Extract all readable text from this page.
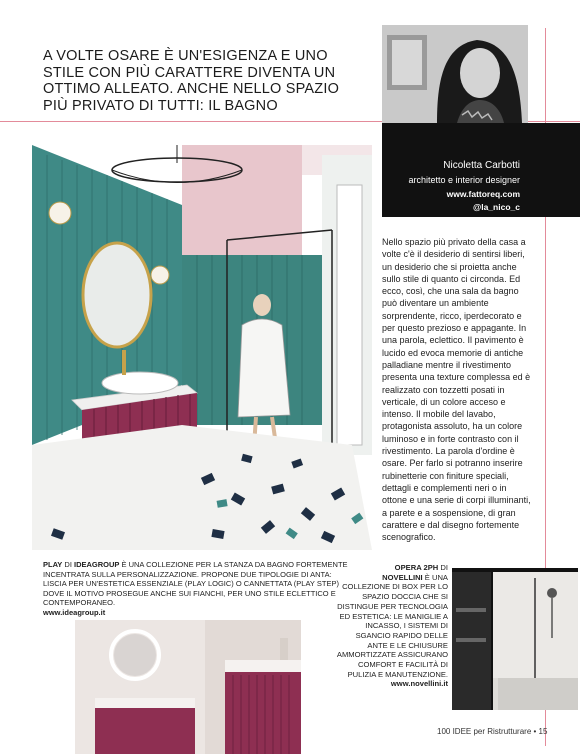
A VOLTE OSARE È UN'ESIGENZA E UNO STILE CON PIÙ CARATTERE DIVENTA UN OTTIMO ALLEATO. ANCHE NELLO SPAZIO PIÙ PRIVATO DI TUTTI: IL BAGNO
Nicoletta Carbotti
architetto e interior designer
www.fattoreq.com
@la_nico_c
Nello spazio più privato della casa a volte c'è il desiderio di sentirsi liberi, un desiderio che si proietta anche sullo stile di quanto ci circonda. Ed ecco, così, che una sala da bagno può diventare un ambiente sorprendente, ricco, iperdecorato e per questo prezioso e appagante. In una parola, eclettico. Il pavimento è lucido ed evoca memorie di antiche palladiane mentre il rivestimento presenta una texture complessa ed è realizzato con tozzetti posati in verticale, di un colore acceso e intenso. Il mobile del lavabo, protagonista assoluto, ha un colore luminoso e in forte contrasto con il rivestimento. La parola d'ordine è osare. Per farlo si potranno inserire rubinetterie con finiture speciali, dettagli e complementi neri o in ottone e una serie di corpi illuminanti, a parete e a sospensione, di gran carattere e dal disegno fortemente scenografico.
PLAY DI IDEAGROUP È UNA COLLEZIONE PER LA STANZA DA BAGNO FORTEMENTE INCENTRATA SULLA PERSONALIZZAZIONE. PROPONE DUE TIPOLOGIE DI ANTA: LISCIA PER UN'ESTETICA ESSENZIALE (PLAY LOGIC) O CANNETTATA (PLAY STEP) DOVE IL MOTIVO PROSEGUE ANCHE SUI FIANCHI, PER UNO STILE ECLETTICO E CONTEMPORANEO.
www.ideagroup.it
OPERA 2PH DI
NOVELLINI È UNA COLLEZIONE DI BOX PER LO SPAZIO DOCCIA CHE SI DISTINGUE PER TECNOLOGIA ED ESTETICA: LE MANIGLIE A INCASSO, I SISTEMI DI SGANCIO RAPIDO DELLE ANTE E LE CHIUSURE AMMORTIZZATE ASSICURANO COMFORT E FACILITÀ DI PULIZIA E MANUTENZIONE.
www.novellini.it
100 IDEE per Ristrutturare • 15
